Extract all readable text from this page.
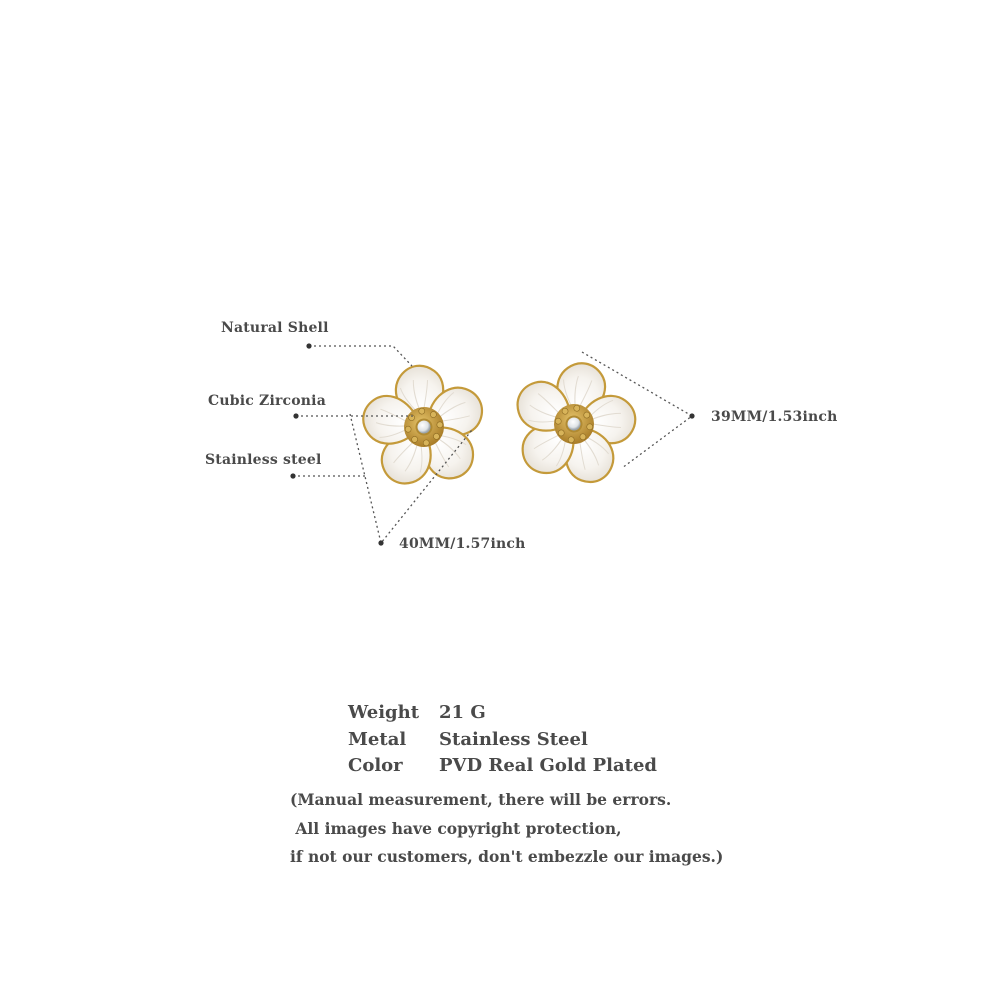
Natural Shell
Cubic Zirconia
Stainless steel
39MM/1.53inch
40MM/1.57inch
Weight 21 G
Metal Stainless Steel
Color PVD Real Gold Plated
(Manual measurement, there will be errors.
All images have copyright protection,
if not our customers, don't embezzle our images.)
